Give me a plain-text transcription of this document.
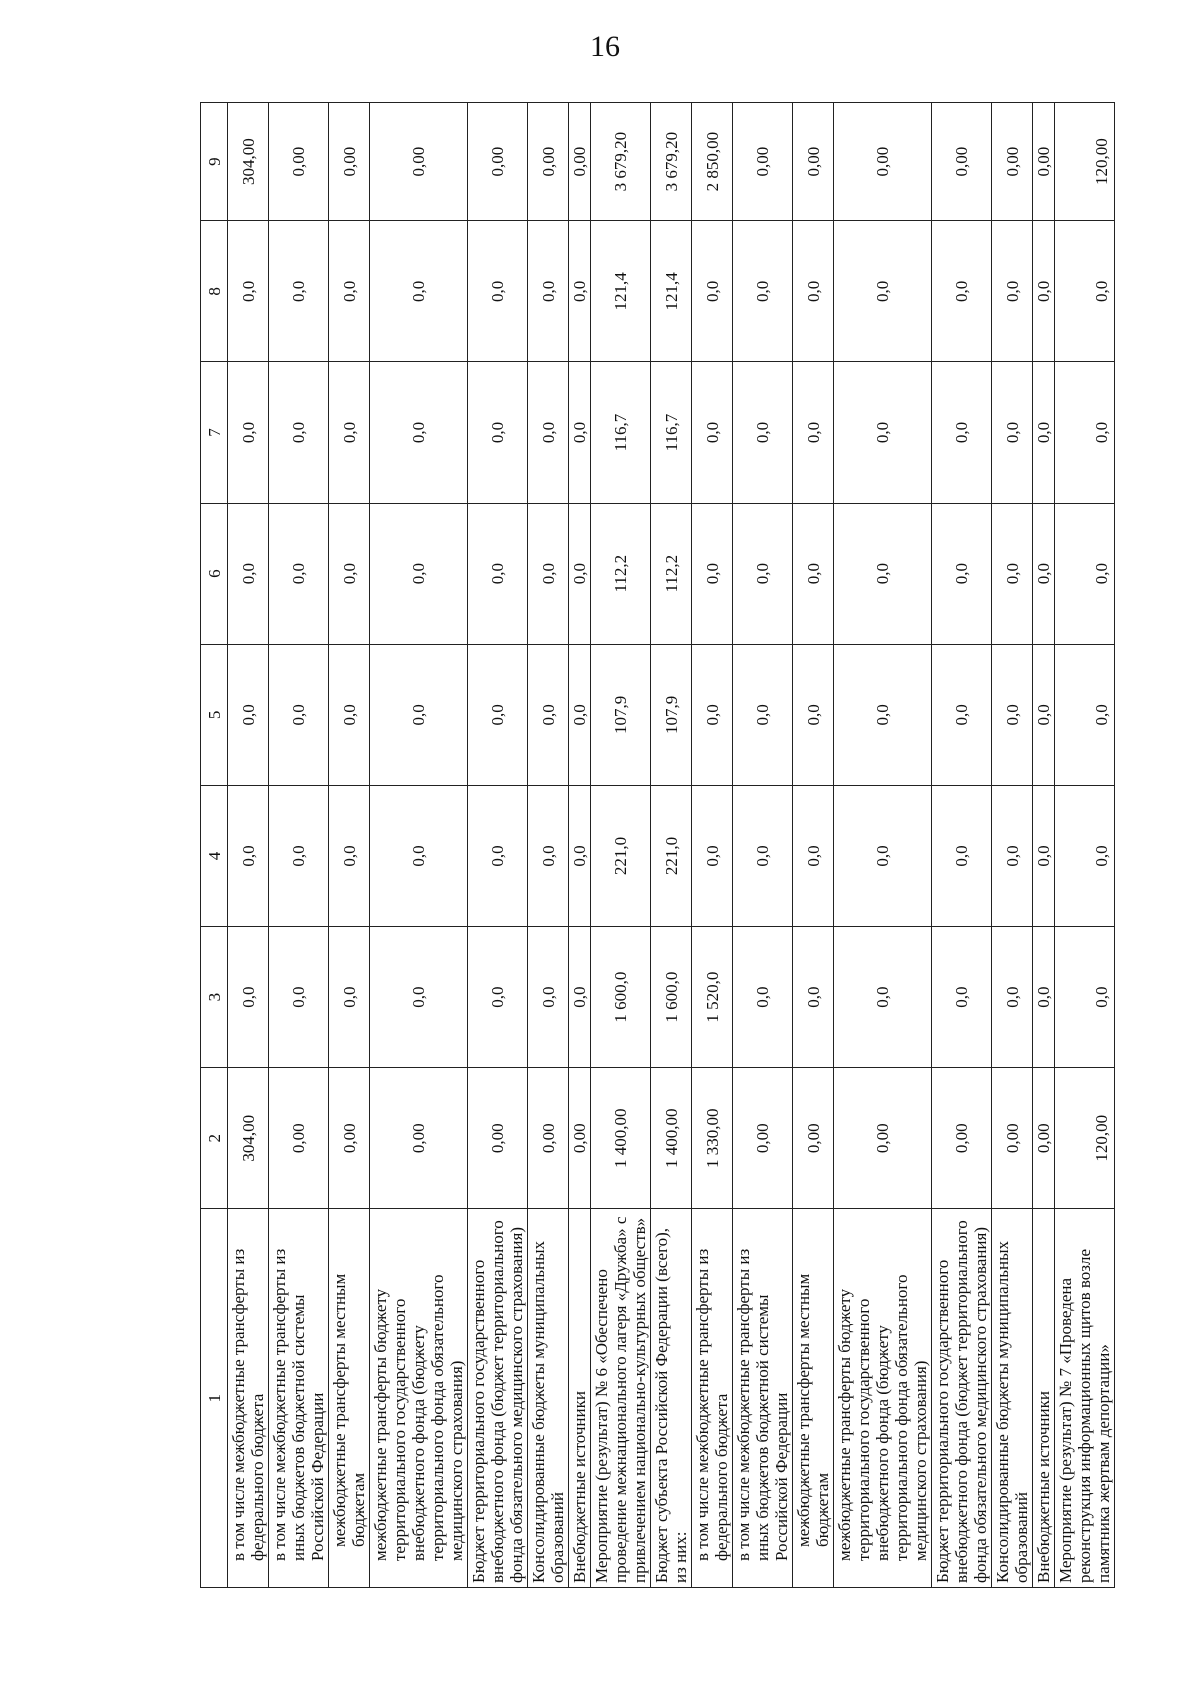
16
1	2	3	4	5	6	7	8	9
в том числе межбюджетные трансферты из федерального бюджета	304,00	0,0	0,0	0,0	0,0	0,0	0,0	304,00
в том числе межбюджетные трансферты из иных бюджетов бюджетной системы Российской Федерации	0,00	0,0	0,0	0,0	0,0	0,0	0,0	0,00
межбюджетные трансферты местным бюджетам	0,00	0,0	0,0	0,0	0,0	0,0	0,0	0,00
межбюджетные трансферты бюджету территориального государственного внебюджетного фонда (бюджету территориального фонда обязательного медицинского страхования)	0,00	0,0	0,0	0,0	0,0	0,0	0,0	0,00
Бюджет территориального государственного внебюджетного фонда (бюджет территориального фонда обязательного медицинского страхования)	0,00	0,0	0,0	0,0	0,0	0,0	0,0	0,00
Консолидированные бюджеты муниципальных образований	0,00	0,0	0,0	0,0	0,0	0,0	0,0	0,00
Внебюджетные источники	0,00	0,0	0,0	0,0	0,0	0,0	0,0	0,00
Мероприятие (результат) № 6 «Обеспечено проведение межнационального лагеря «Дружба» с привлечением национально-культурных обществ»	1 400,00	1 600,0	221,0	107,9	112,2	116,7	121,4	3 679,20
Бюджет субъекта Российской Федерации (всего), из них:	1 400,00	1 600,0	221,0	107,9	112,2	116,7	121,4	3 679,20
в том числе межбюджетные трансферты из федерального бюджета	1 330,00	1 520,0	0,0	0,0	0,0	0,0	0,0	2 850,00
в том числе межбюджетные трансферты из иных бюджетов бюджетной системы Российской Федерации	0,00	0,0	0,0	0,0	0,0	0,0	0,0	0,00
межбюджетные трансферты местным бюджетам	0,00	0,0	0,0	0,0	0,0	0,0	0,0	0,00
межбюджетные трансферты бюджету территориального государственного внебюджетного фонда (бюджету территориального фонда обязательного медицинского страхования)	0,00	0,0	0,0	0,0	0,0	0,0	0,0	0,00
Бюджет территориального государственного внебюджетного фонда (бюджет территориального фонда обязательного медицинского страхования)	0,00	0,0	0,0	0,0	0,0	0,0	0,0	0,00
Консолидированные бюджеты муниципальных образований	0,00	0,0	0,0	0,0	0,0	0,0	0,0	0,00
Внебюджетные источники	0,00	0,0	0,0	0,0	0,0	0,0	0,0	0,00
Мероприятие (результат) № 7 «Проведена реконструкция информационных щитов возле памятника жертвам депортации»	120,00	0,0	0,0	0,0	0,0	0,0	0,0	120,00
